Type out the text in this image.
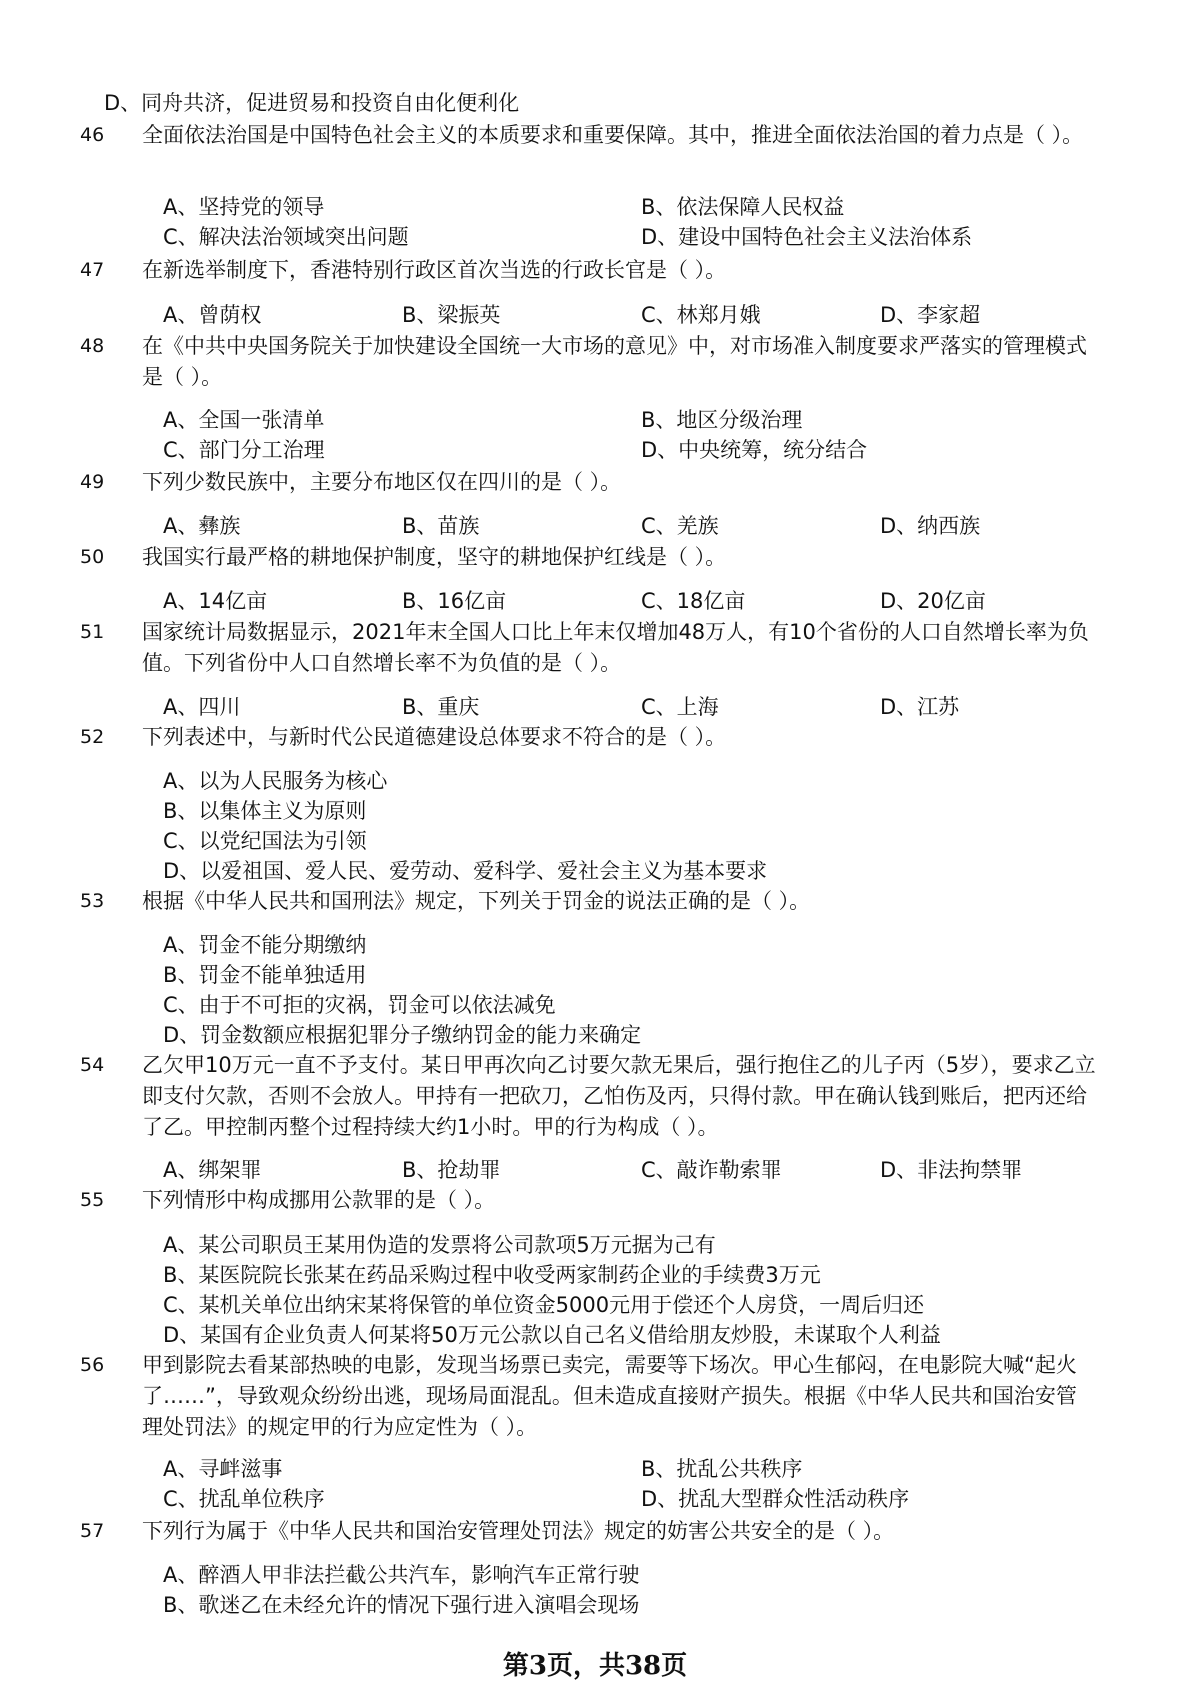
D、同舟共济，促进贸易和投资自由化便利化
46 全面依法治国是中国特色社会主义的本质要求和重要保障。其中，推进全面依法治国的着力点是（ ）。
A、坚持党的领导	B、依法保障人民权益
C、解决法治领域突出问题	D、建设中国特色社会主义法治体系
47 在新选举制度下，香港特别行政区首次当选的行政长官是（ ）。
A、曾荫权	B、梁振英	C、林郑月娥	D、李家超
48 在《中共中央国务院关于加快建设全国统一大市场的意见》中，对市场准入制度要求严落实的管理模式是（ ）。
A、全国一张清单	B、地区分级治理
C、部门分工治理	D、中央统筹，统分结合
49 下列少数民族中，主要分布地区仅在四川的是（ ）。
A、彝族	B、苗族	C、羌族	D、纳西族
50 我国实行最严格的耕地保护制度，坚守的耕地保护红线是（ ）。
A、14亿亩	B、16亿亩	C、18亿亩	D、20亿亩
51 国家统计局数据显示，2021年末全国人口比上年末仅增加48万人，有10个省份的人口自然增长率为负值。下列省份中人口自然增长率不为负值的是（ ）。
A、四川	B、重庆	C、上海	D、江苏
52 下列表述中，与新时代公民道德建设总体要求不符合的是（ ）。
A、以为人民服务为核心
B、以集体主义为原则
C、以党纪国法为引领
D、以爱祖国、爱人民、爱劳动、爱科学、爱社会主义为基本要求
53 根据《中华人民共和国刑法》规定，下列关于罚金的说法正确的是（ ）。
A、罚金不能分期缴纳
B、罚金不能单独适用
C、由于不可拒的灾祸，罚金可以依法减免
D、罚金数额应根据犯罪分子缴纳罚金的能力来确定
54 乙欠甲10万元一直不予支付。某日甲再次向乙讨要欠款无果后，强行抱住乙的儿子丙（5岁），要求乙立即支付欠款，否则不会放人。甲持有一把砍刀，乙怕伤及丙，只得付款。甲在确认钱到账后，把丙还给了乙。甲控制丙整个过程持续大约1小时。甲的行为构成（ ）。
A、绑架罪	B、抢劫罪	C、敲诈勒索罪	D、非法拘禁罪
55 下列情形中构成挪用公款罪的是（ ）。
A、某公司职员王某用伪造的发票将公司款项5万元据为己有
B、某医院院长张某在药品采购过程中收受两家制药企业的手续费3万元
C、某机关单位出纳宋某将保管的单位资金5000元用于偿还个人房贷，一周后归还
D、某国有企业负责人何某将50万元公款以自己名义借给朋友炒股，未谋取个人利益
56 甲到影院去看某部热映的电影，发现当场票已卖完，需要等下场次。甲心生郁闷，在电影院大喊“起火了……”，导致观众纷纷出逃，现场局面混乱。但未造成直接财产损失。根据《中华人民共和国治安管理处罚法》的规定甲的行为应定性为（ ）。
A、寻衅滋事	B、扰乱公共秩序
C、扰乱单位秩序	D、扰乱大型群众性活动秩序
57 下列行为属于《中华人民共和国治安管理处罚法》规定的妨害公共安全的是（ ）。
A、醉酒人甲非法拦截公共汽车，影响汽车正常行驶
B、歌迷乙在未经允许的情况下强行进入演唱会现场
第3页，共38页
